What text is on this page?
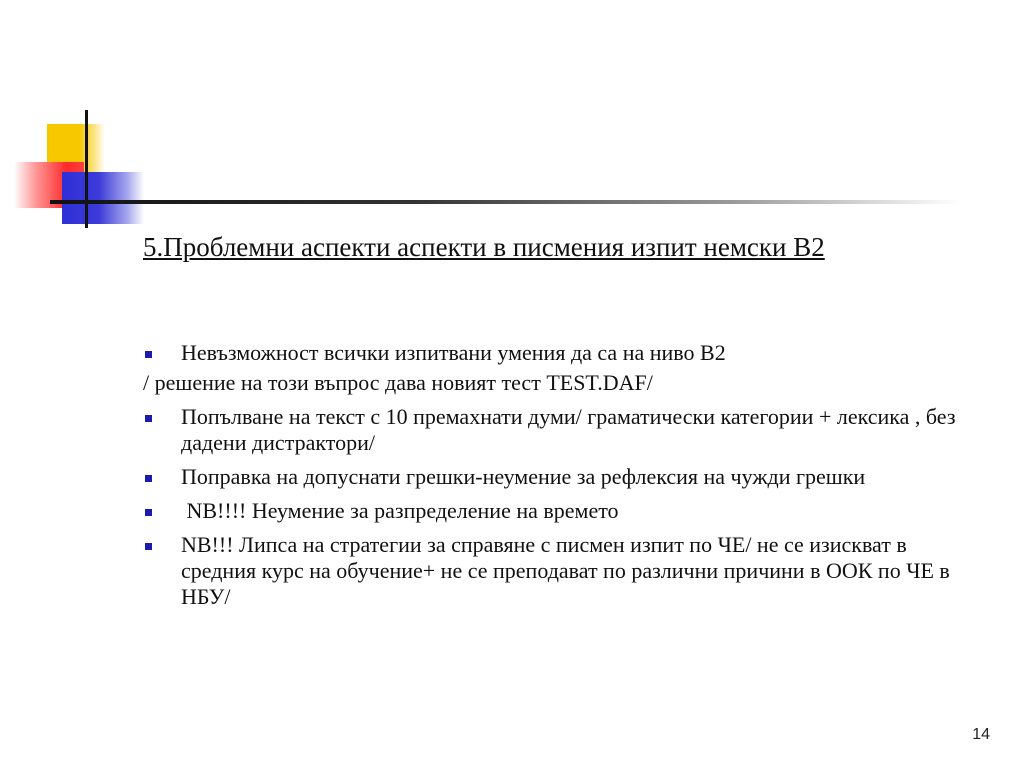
5.Проблемни аспекти аспекти в писмения изпит немски B2
Невъзможност всички изпитвани умения да са на ниво B2
/ решение на този въпрос дава новият тест TEST.DAF/
Попълване на текст с 10 премахнати думи/ граматически категории + лексика , без дадени дистрактори/
Поправка на допуснати грешки-неумение за рефлексия на чужди грешки
NB!!!! Неумение за разпределение на времето
NB!!! Липса на стратегии за справяне с писмен изпит по ЧЕ/ не се изискват в средния курс на обучение+ не се преподават по различни причини в ООК по ЧЕ в НБУ/
14
